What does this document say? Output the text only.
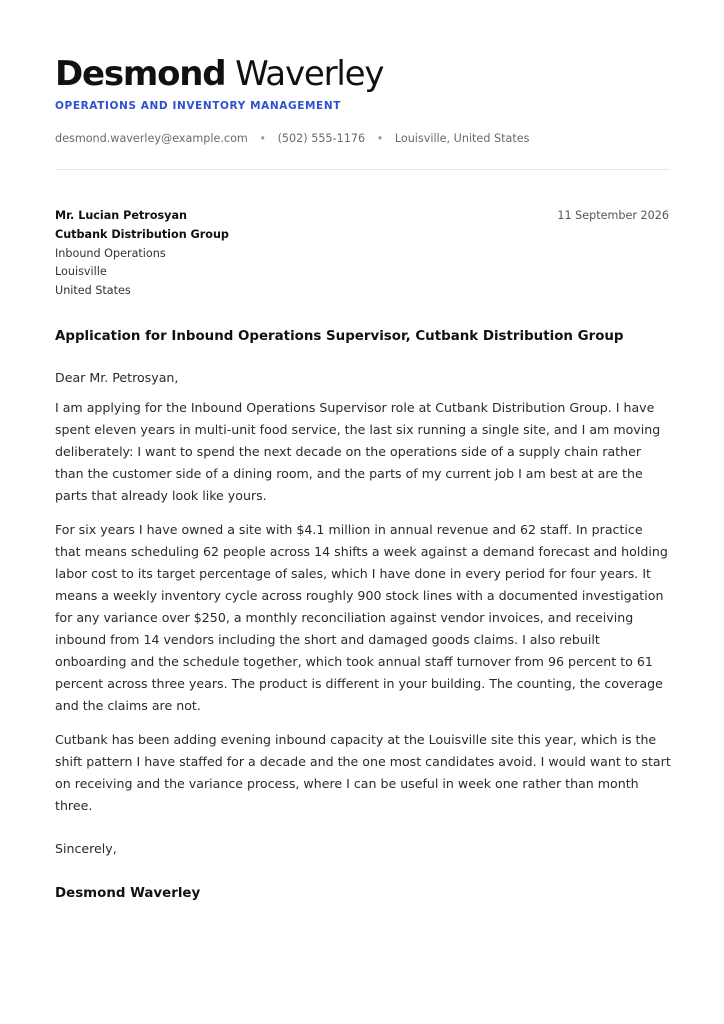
Desmond Waverley
OPERATIONS AND INVENTORY MANAGEMENT
desmond.waverley@example.com • (502) 555-1176 • Louisville, United States
Mr. Lucian Petrosyan
Cutbank Distribution Group
Inbound Operations
Louisville
United States
11 September 2026
Application for Inbound Operations Supervisor, Cutbank Distribution Group

Dear Mr. Petrosyan,

I am applying for the Inbound Operations Supervisor role at Cutbank Distribution Group. I have spent eleven years in multi-unit food service, the last six running a single site, and I am moving deliberately: I want to spend the next decade on the operations side of a supply chain rather than the customer side of a dining room, and the parts of my current job I am best at are the parts that already look like yours.

For six years I have owned a site with $4.1 million in annual revenue and 62 staff. In practice that means scheduling 62 people across 14 shifts a week against a demand forecast and holding labor cost to its target percentage of sales, which I have done in every period for four years. It means a weekly inventory cycle across roughly 900 stock lines with a documented investigation for any variance over $250, a monthly reconciliation against vendor invoices, and receiving inbound from 14 vendors including the short and damaged goods claims. I also rebuilt onboarding and the schedule together, which took annual staff turnover from 96 percent to 61 percent across three years. The product is different in your building. The counting, the coverage and the claims are not.

Cutbank has been adding evening inbound capacity at the Louisville site this year, which is the shift pattern I have staffed for a decade and the one most candidates avoid. I would want to start on receiving and the variance process, where I can be useful in week one rather than month three.

Sincerely,
Desmond Waverley
